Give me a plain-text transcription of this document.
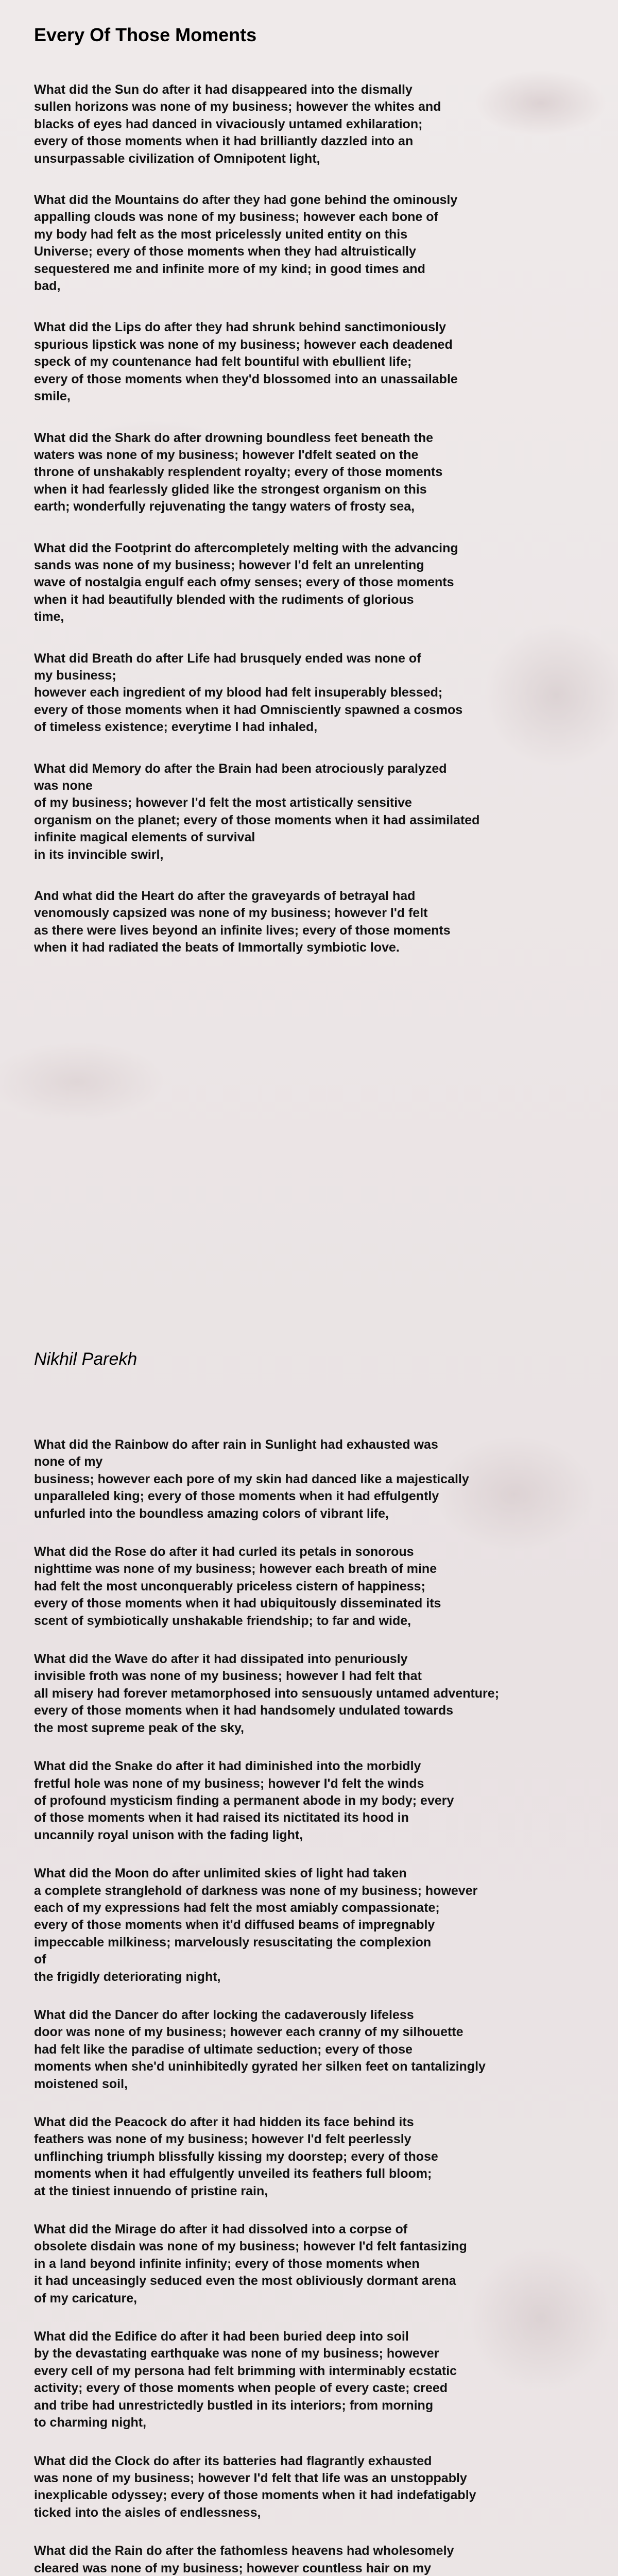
Every Of Those Moments

What did the Sun do after it had disappeared into the dismally
sullen horizons was none of my business; however the whites and
blacks of eyes had danced in vivaciously untamed exhilaration;
every of those moments when it had brilliantly dazzled into an
unsurpassable civilization of Omnipotent light,

What did the Mountains do after they had gone behind the ominously
appalling clouds was none of my business; however each bone of
my body had felt as the most pricelessly united entity on this
Universe; every of those moments when they had altruistically
sequestered me and infinite more of my kind; in good times and
bad,

What did the Lips do after they had shrunk behind sanctimoniously
spurious lipstick was none of my business; however each deadened
speck of my countenance had felt bountiful with ebullient life;
every of those moments when they'd blossomed into an unassailable
smile,

What did the Shark do after drowning boundless feet beneath the
waters was none of my business; however I'dfelt seated on the
throne of unshakably resplendent royalty; every of those moments
when it had fearlessly glided like the strongest organism on this
earth; wonderfully rejuvenating the tangy waters of frosty sea,

What did the Footprint do aftercompletely melting with the advancing
sands was none of my business; however I'd felt an unrelenting
wave of nostalgia engulf each ofmy senses; every of those moments
when it had beautifully blended with the rudiments of glorious
time,

What did Breath do after Life had brusquely ended was none of
my business;
however each ingredient of my blood had felt insuperably blessed;
every of those moments when it had Omnisciently spawned a cosmos
of timeless existence; everytime I had inhaled,

What did Memory do after the Brain had been atrociously paralyzed
was none
of my business; however I'd felt the most artistically sensitive
organism on the planet; every of those moments when it had assimilated
infinite magical elements of survival
in its invincible swirl,

And what did the Heart do after the graveyards of betrayal had
venomously capsized was none of my business; however I'd felt
as there were lives beyond an infinite lives; every of those moments
when it had radiated the beats of Immortally symbiotic love.

Nikhil Parekh

What did the Rainbow do after rain in Sunlight had exhausted was
none of my
business; however each pore of my skin had danced like a majestically
unparalleled king; every of those moments when it had effulgently
unfurled into the boundless amazing colors of vibrant life,

What did the Rose do after it had curled its petals in sonorous
nighttime was none of my business; however each breath of mine
had felt the most unconquerably priceless cistern of happiness;
every of those moments when it had ubiquitously disseminated its
scent of symbiotically unshakable friendship; to far and wide,

What did the Wave do after it had dissipated into penuriously
invisible froth was none of my business; however I had felt that
all misery had forever metamorphosed into sensuously untamed adventure;
every of those moments when it had handsomely undulated towards
the most supreme peak of the sky,

What did the Snake do after it had diminished into the morbidly
fretful hole was none of my business; however I'd felt the winds
of profound mysticism finding a permanent abode in my body; every
of those moments when it had raised its nictitated its hood in
uncannily royal unison with the fading light,

What did the Moon do after unlimited skies of light had taken
a complete stranglehold of darkness was none of my business; however
each of my expressions had felt the most amiably compassionate;
every of those moments when it'd diffused beams of impregnably
impeccable milkiness; marvelously resuscitating the complexion
of
the frigidly deteriorating night,

What did the Dancer do after locking the cadaverously lifeless
door was none of my business; however each cranny of my silhouette
had felt like the paradise of ultimate seduction; every of those
moments when she'd uninhibitedly gyrated her silken feet on tantalizingly
moistened soil,

What did the Peacock do after it had hidden its face behind its
feathers was none of my business; however I'd felt peerlessly
unflinching triumph blissfully kissing my doorstep; every of those
moments when it had effulgently unveiled its feathers full bloom;
at the tiniest innuendo of pristine rain,

What did the Mirage do after it had dissolved into a corpse of
obsolete disdain was none of my business; however I'd felt fantasizing
in a land beyond infinite infinity; every of those moments when
it had unceasingly seduced even the most obliviously dormant arena
of my caricature,

What did the Edifice do after it had been buried deep into soil
by the devastating earthquake was none of my business; however
every cell of my persona had felt brimming with interminably ecstatic
activity; every of those moments when people of every caste; creed
and tribe had unrestrictedly bustled in its interiors; from morning
to charming night,

What did the Clock do after its batteries had flagrantly exhausted
was none of my business; however I'd felt that life was an unstoppably
inexplicable odyssey; every of those moments when it had indefatigably
ticked into the aisles of endlessness,

What did the Rain do after the fathomless heavens had wholesomely
cleared was none of my business; however countless hair on my
